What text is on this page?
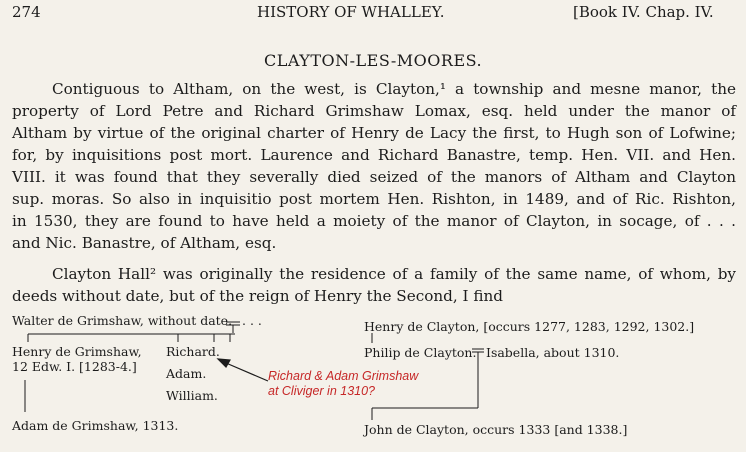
274	HISTORY OF WHALLEY.	[Book IV. Chap. IV.
CLAYTON-LES-MOORES.
Contiguous to Altham, on the west, is Clayton,¹ a township and mesne manor, the
property of Lord Petre and Richard Grimshaw Lomax, esq. held under the manor of
Altham by virtue of the original charter of Henry de Lacy the first, to Hugh son of Lofwine;
for, by inquisitions post mort. Laurence and Richard Banastre, temp. Hen. VII. and Hen.
VIII. it was found that they severally died seized of the manors of Altham and Clayton
sup. moras. So also in inquisitio post mortem Hen. Rishton, in 1489, and of Ric. Rishton,
in 1530, they are found to have held a moiety of the manor of Clayton, in socage, of . . .
and Nic. Banastre, of Altham, esq.
Clayton Hall² was originally the residence of a family of the same name, of whom, by
deeds without date, but of the reign of Henry the Second, I find
Walter de Grimshaw, without date. . . .
Henry de Grimshaw,
12 Edw. I. [1283-4.]
Richard.
Adam.
William.
Adam de Grimshaw, 1313.
Henry de Clayton, [occurs 1277, 1283, 1292, 1302.]
Philip de Clayton. Isabella, about 1310.
John de Clayton, occurs 1333 [and 1338.]
Richard & Adam Grimshaw
at Cliviger in 1310?
